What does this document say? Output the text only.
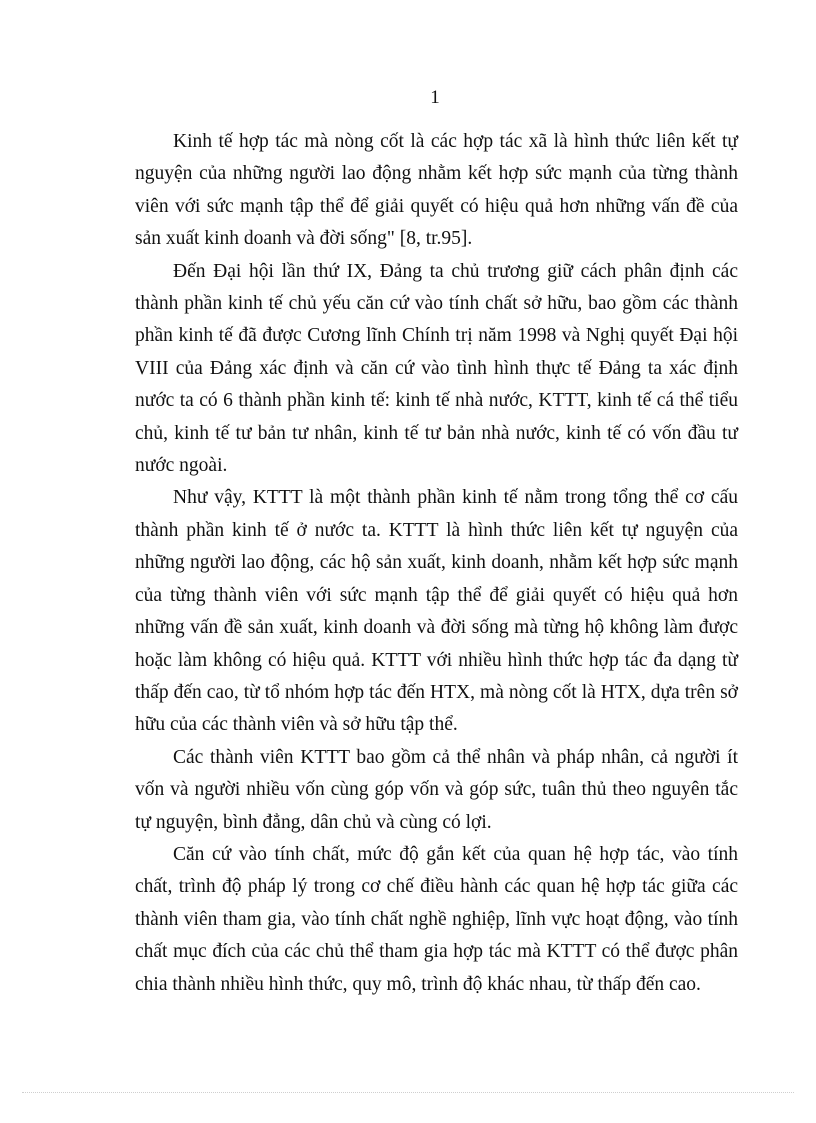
1

Kinh tế hợp tác mà nòng cốt là các hợp tác xã là hình thức liên kết tự nguyện của những người lao động nhằm kết hợp sức mạnh của từng thành viên với sức mạnh tập thể để giải quyết có hiệu quả hơn những vấn đề của sản xuất kinh doanh và đời sống" [8, tr.95].

Đến Đại hội lần thứ IX, Đảng ta chủ trương giữ cách phân định các thành phần kinh tế chủ yếu căn cứ vào tính chất sở hữu, bao gồm các thành phần kinh tế đã được Cương lĩnh Chính trị năm 1998 và Nghị quyết Đại hội VIII của Đảng xác định và căn cứ vào tình hình thực tế Đảng ta xác định nước ta có 6 thành phần kinh tế: kinh tế nhà nước, KTTT, kinh tế cá thể tiểu chủ, kinh tế tư bản tư nhân, kinh tế tư bản nhà nước, kinh tế có vốn đầu tư nước ngoài.

Như vậy, KTTT là một thành phần kinh tế nằm trong tổng thể cơ cấu thành phần kinh tế ở nước ta. KTTT là hình thức liên kết tự nguyện của những người lao động, các hộ sản xuất, kinh doanh, nhằm kết hợp sức mạnh của từng thành viên với sức mạnh tập thể để giải quyết có hiệu quả hơn những vấn đề sản xuất, kinh doanh và đời sống mà từng hộ không làm được hoặc làm không có hiệu quả. KTTT với nhiều hình thức hợp tác đa dạng từ thấp đến cao, từ tổ nhóm hợp tác đến HTX, mà nòng cốt là HTX, dựa trên sở hữu của các thành viên và sở hữu tập thể.

Các thành viên KTTT bao gồm cả thể nhân và pháp nhân, cả người ít vốn và người nhiều vốn cùng góp vốn và góp sức, tuân thủ theo nguyên tắc tự nguyện, bình đẳng, dân chủ và cùng có lợi.

Căn cứ vào tính chất, mức độ gắn kết của quan hệ hợp tác, vào tính chất, trình độ pháp lý trong cơ chế điều hành các quan hệ hợp tác giữa các thành viên tham gia, vào tính chất nghề nghiệp, lĩnh vực hoạt động, vào tính chất mục đích của các chủ thể tham gia hợp tác mà KTTT có thể được phân chia thành nhiều hình thức, quy mô, trình độ khác nhau, từ thấp đến cao.
